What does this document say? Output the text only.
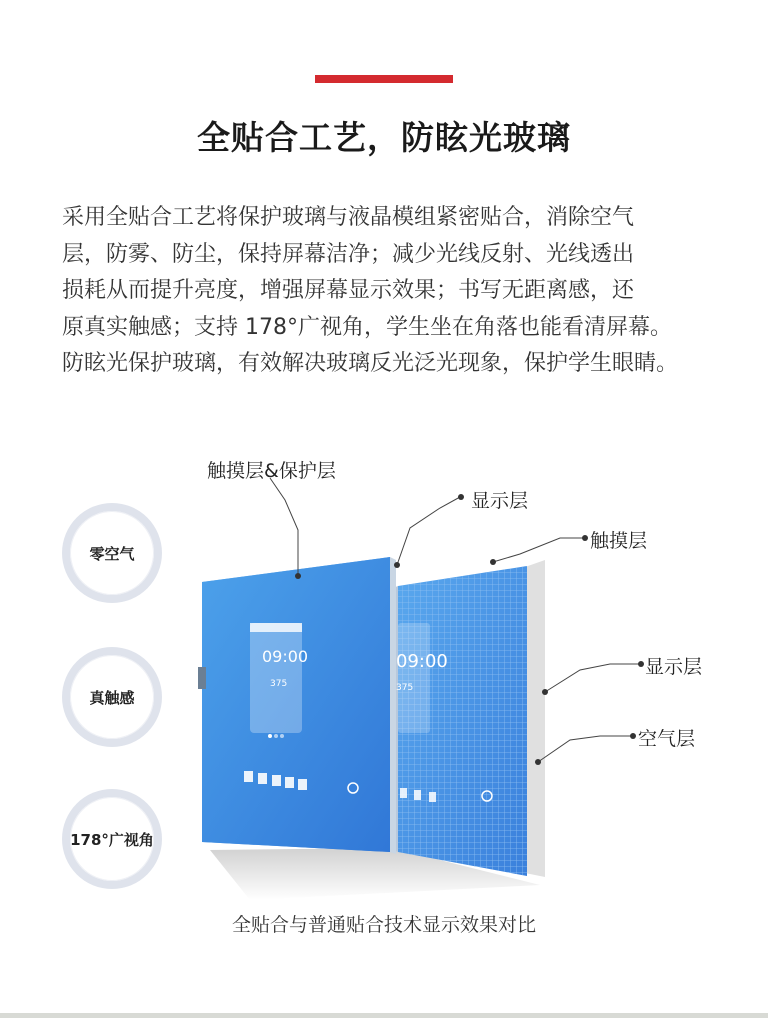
全贴合工艺，防眩光玻璃
采用全贴合工艺将保护玻璃与液晶模组紧密贴合，消除空气
层，防雾、防尘，保持屏幕洁净；减少光线反射、光线透出
损耗从而提升亮度，增强屏幕显示效果；书写无距离感，还
原真实触感；支持 178°广视角，学生坐在角落也能看清屏幕。
防眩光保护玻璃，有效解决玻璃反光泛光现象，保护学生眼睛。
零空气
真触感
178°广视角
09:00
375
09:00
375
触摸层&保护层
显示层
触摸层
显示层
空气层
全贴合与普通贴合技术显示效果对比
